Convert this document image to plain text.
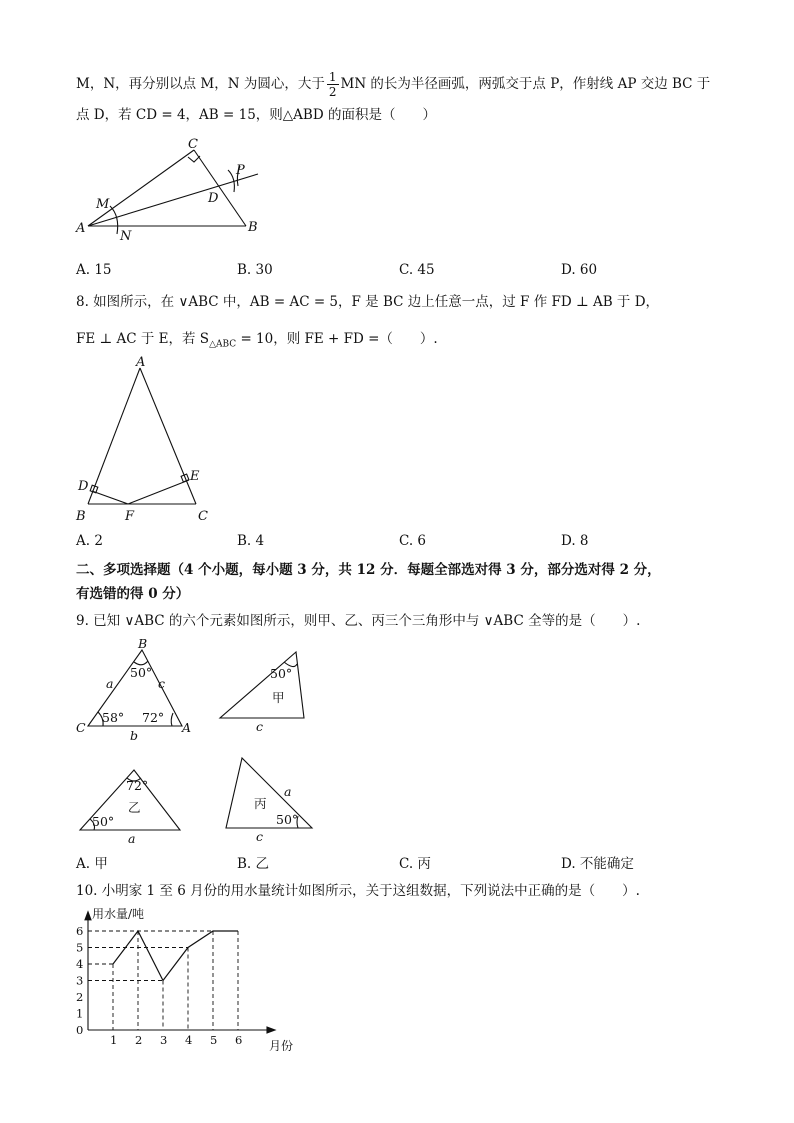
M，N，再分别以点 M，N 为圆心，大于 $\frac{1}{2}$ MN 的长为半径画弧，两弧交于点 P，作射线 AP 交边 BC 于
点 D，若 CD = 4，AB = 15，则△ABD 的面积是（　　）
C
P
M	D
A
N
B
A. 15	B. 30	C. 45	D. 60
8. 如图所示，在 ∨ABC 中，AB = AC = 5，F 是 BC 边上任意一点，过 F 作 FD ⊥ AB 于 D，
FE ⊥ AC 于 E，若 $S_{\triangle ABC} = 10$，则 FE + FD =（　　）.
A
D
E
B	F	C
A. 2	B. 4	C. 6	D. 8
二、多项选择题（4 个小题，每小题 3 分，共 12 分．每题全部选对得 3 分，部分选对得 2 分，
有选错的得 0 分）
9. 已知 ∨ABC 的六个元素如图所示，则甲、乙、丙三个三角形中与 ∨ABC 全等的是（　　）.
B
50°
a	c
58° 72°
C	A
b
50°
甲
c
72°
乙
50°
a
丙
a
50°
c
A. 甲	B. 乙	C. 丙	D. 不能确定
10. 小明家 1 至 6 月份的用水量统计如图所示，关于这组数据，下列说法中正确的是（　　）.
0
1
2
3
4
5
6
1 2 3 4 5 6
用水量/吨
月份
